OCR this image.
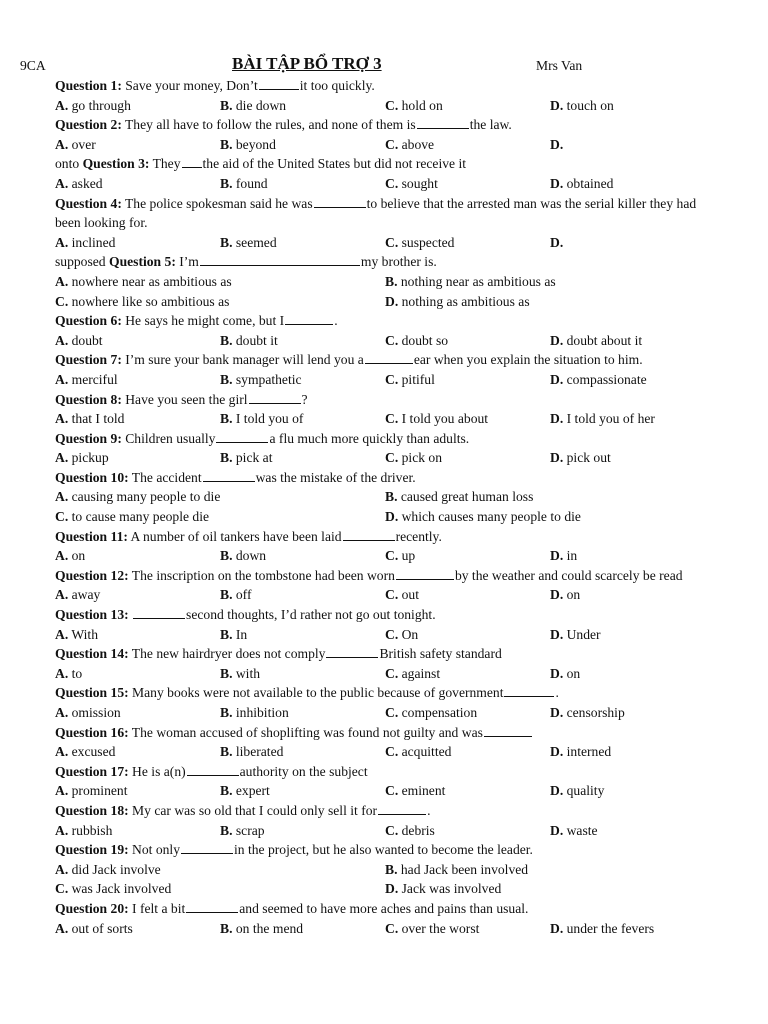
9CA	BÀI TẬP BỔ TRỢ 3	Mrs Van

Question 1: Save your money, Don’t	it too quickly.

A. go through	B. die down	C. hold on	D. touch on

Question 2: They all have to follow the rules, and none of them is	the law.

A. over	B. beyond	C. above	D.

onto Question 3: They the aid of the United States but did not receive it

A. asked	B. found	C. sought	D. obtained

Question 4: The police spokesman said he was	to believe that the arrested man was the serial killer they had been looking for.

A. inclined	B. seemed	C. suspected	D.

supposed Question 5: I’m	my brother is.

A. nowhere near as ambitious as	B. nothing near as ambitious as
C. nowhere like so ambitious as	D. nothing as ambitious as

Question 6: He says he might come, but I	.

A. doubt	B. doubt it	C. doubt so	D. doubt about it

Question 7: I’m sure your bank manager will lend you a	ear when you explain the situation to him.

A. merciful	B. sympathetic	C. pitiful	D. compassionate

Question 8: Have you seen the girl	?

A. that I told	B. I told you of	C. I told you about	D. I told you of her

Question 9: Children usually	a flu much more quickly than adults.

A. pickup	B. pick at	C. pick on	D. pick out

Question 10: The accident	was the mistake of the driver.

A. causing many people to die	B. caused great human loss
C. to cause many people die	D. which causes many people to die

Question 11: A number of oil tankers have been laid	recently.

A. on	B. down	C. up	D. in

Question 12: The inscription on the tombstone had been worn	by the weather and could scarcely be read

A. away	B. off	C. out	D. on

Question 13:	second thoughts, I’d rather not go out tonight.

A. With	B. In	C. On	D. Under

Question 14: The new hairdryer does not comply	British safety standard

A. to	B. with	C. against	D. on

Question 15: Many books were not available to the public because of government	.

A. omission	B. inhibition	C. compensation	D. censorship

Question 16: The woman accused of shoplifting was found not guilty and was

A. excused	B. liberated	C. acquitted	D. interned

Question 17: He is a(n)	authority on the subject

A. prominent	B. expert	C. eminent	D. quality

Question 18: My car was so old that I could only sell it for	.

A. rubbish	B. scrap	C. debris	D. waste

Question 19: Not only	in the project, but he also wanted to become the leader.

A. did Jack involve	B. had Jack been involved
C. was Jack involved	D. Jack was involved

Question 20: I felt a bit	and seemed to have more aches and pains than usual.

A. out of sorts	B. on the mend	C. over the worst	D. under the fevers
